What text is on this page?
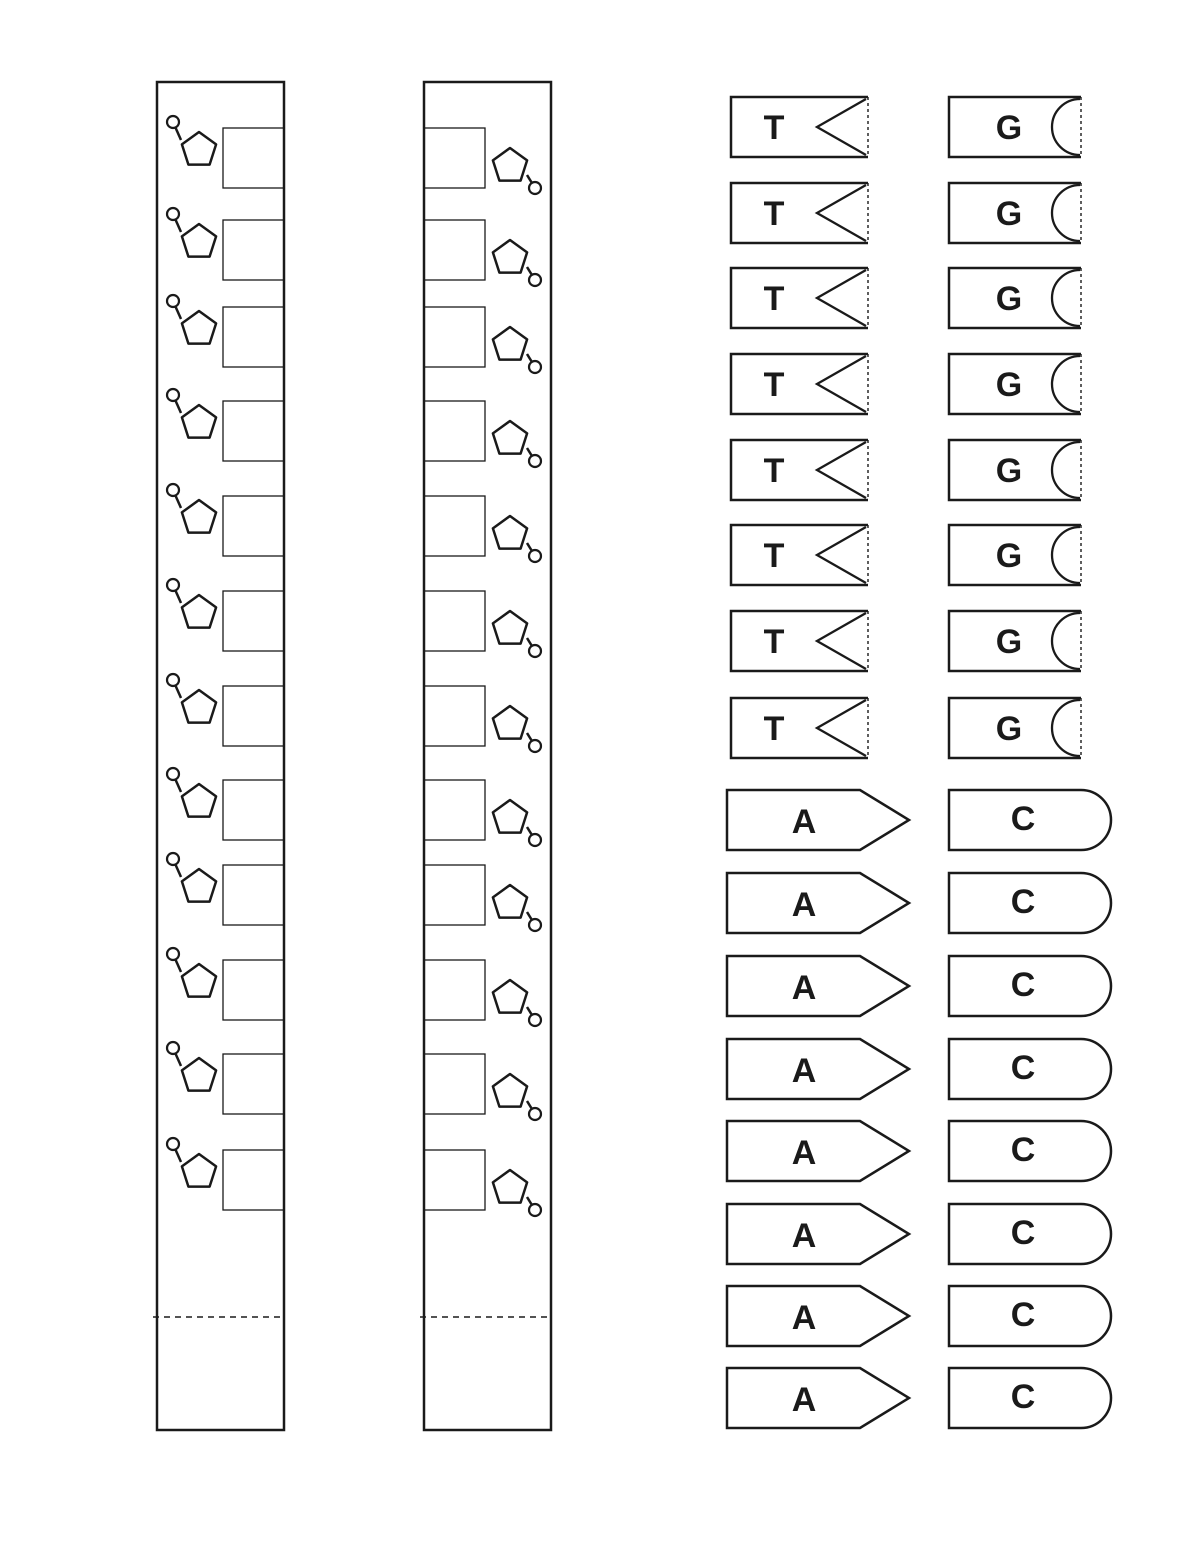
T
T
T
T
T
T
T
T
G
G
G
G
G
G
G
G
A
A
A
A
A
A
A
A
C
C
C
C
C
C
C
C
